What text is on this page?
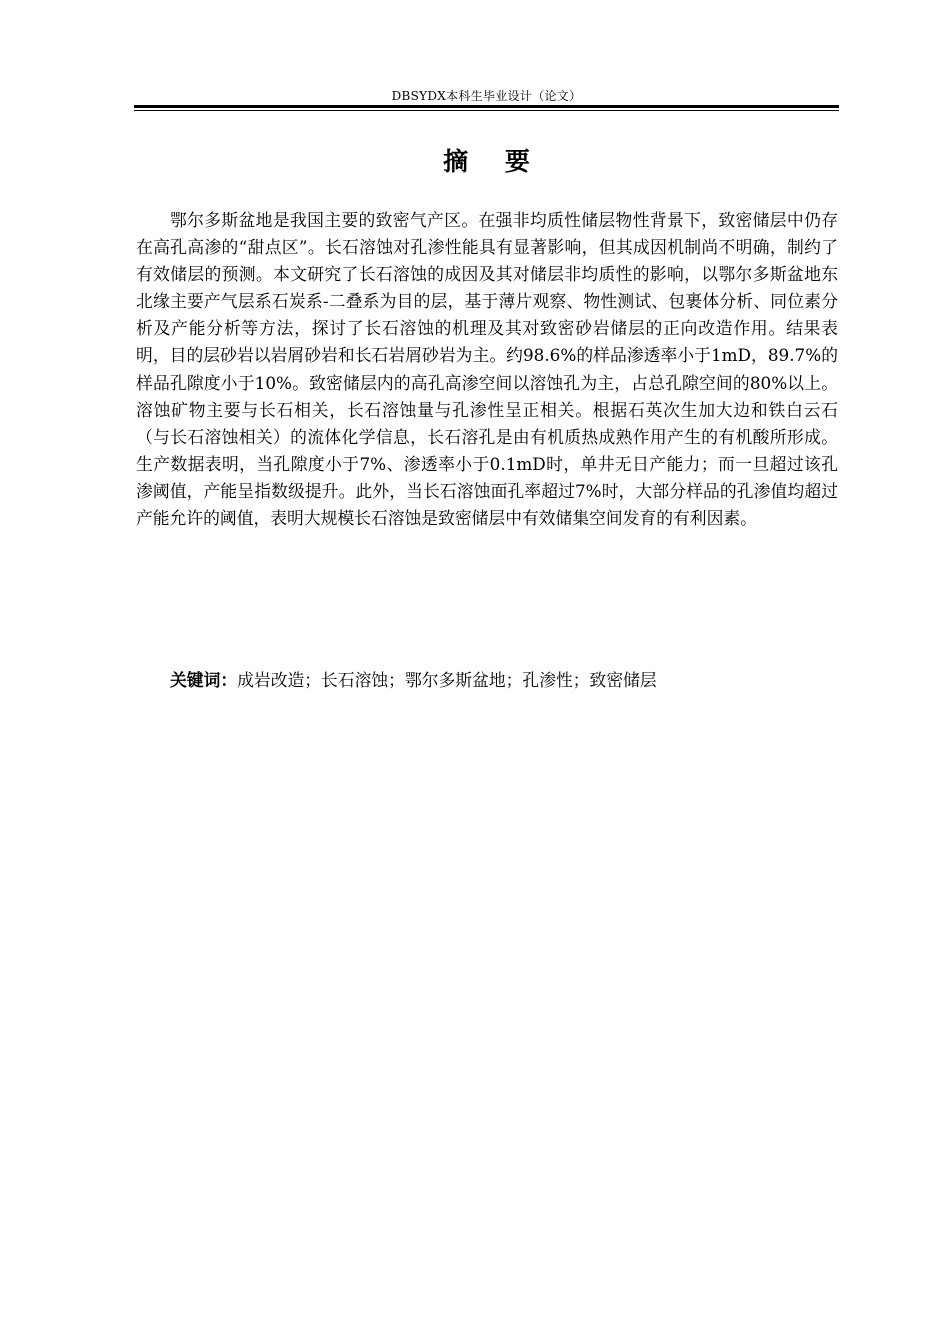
DBSYDX本科生毕业设计（论文）
摘 要

鄂尔多斯盆地是我国主要的致密气产区。在强非均质性储层物性背景下，致密储层中仍存在高孔高渗的“甜点区”。长石溶蚀对孔渗性能具有显著影响，但其成因机制尚不明确，制约了有效储层的预测。本文研究了长石溶蚀的成因及其对储层非均质性的影响，以鄂尔多斯盆地东北缘主要产气层系石炭系-二叠系为目的层，基于薄片观察、物性测试、包裹体分析、同位素分析及产能分析等方法，探讨了长石溶蚀的机理及其对致密砂岩储层的正向改造作用。结果表明，目的层砂岩以岩屑砂岩和长石岩屑砂岩为主。约98.6%的样品渗透率小于1mD，89.7%的样品孔隙度小于10%。致密储层内的高孔高渗空间以溶蚀孔为主，占总孔隙空间的80%以上。溶蚀矿物主要与长石相关，长石溶蚀量与孔渗性呈正相关。根据石英次生加大边和铁白云石（与长石溶蚀相关）的流体化学信息，长石溶孔是由有机质热成熟作用产生的有机酸所形成。生产数据表明，当孔隙度小于7%、渗透率小于0.1mD时，单井无日产能力；而一旦超过该孔渗阈值，产能呈指数级提升。此外，当长石溶蚀面孔率超过7%时，大部分样品的孔渗值均超过产能允许的阈值，表明大规模长石溶蚀是致密储层中有效储集空间发育的有利因素。

关键词：成岩改造；长石溶蚀；鄂尔多斯盆地；孔渗性；致密储层
